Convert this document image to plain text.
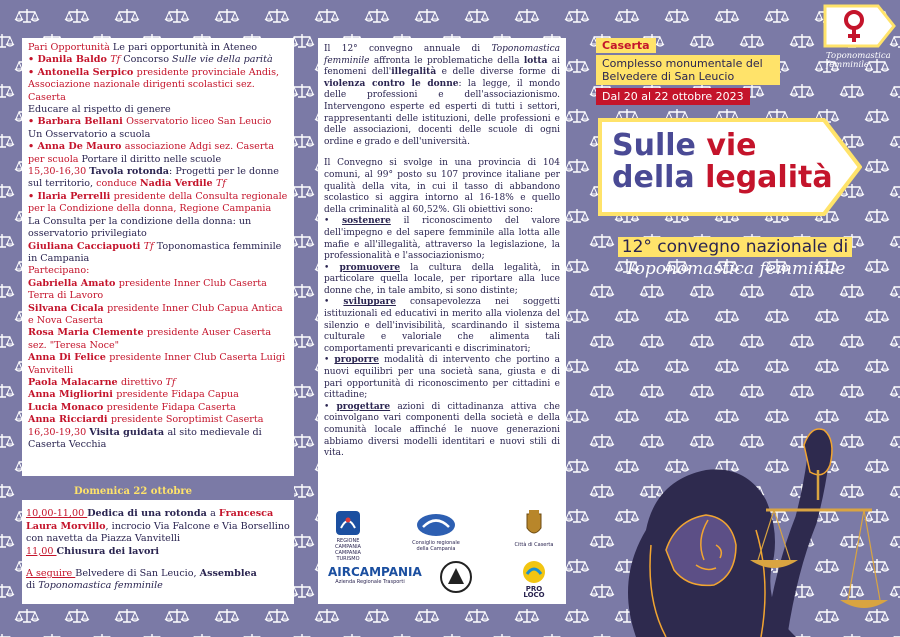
Pari Opportunità Le pari opportunità in Ateneo
• Danila Baldo Tf Concorso Sulle vie della parità
• Antonella Serpico presidente provinciale Andis, Associazione nazionale dirigenti scolastici sez. Caserta
Educare al rispetto di genere
• Barbara Bellani Osservatorio liceo San Leucio
Un Osservatorio a scuola
• Anna De Mauro associazione Adgi sez. Caserta per scuola Portare il diritto nelle scuole
15,30-16,30 Tavola rotonda: Progetti per le donne sul territorio, conduce Nadia Verdile Tf
• Ilaria Perrelli presidente della Consulta regionale per la Condizione della donna, Regione Campania
La Consulta per la condizione della donna: un osservatorio privilegiato
Giuliana Cacciapuoti Tf Toponomastica femminile in Campania
Partecipano:
Gabriella Amato presidente Inner Club Caserta Terra di Lavoro
Silvana Cicala presidente Inner Club Capua Antica e Nova Caserta
Rosa Maria Clemente presidente Auser Caserta sez. "Teresa Noce"
Anna Di Felice presidente Inner Club Caserta Luigi Vanvitelli
Paola Malacarne direttivo Tf
Anna Migliorini presidente Fidapa Capua
Lucia Monaco presidente Fidapa Caserta
Anna Ricciardi presidente Soroptimist Caserta
16,30-19,30 Visita guidata al sito medievale di Caserta Vecchia
Domenica 22 ottobre
10,00-11,00 Dedica di una rotonda a Francesca Laura Morvillo, incrocio Via Falcone e Via Borsellino con navetta da Piazza Vanvitelli
11,00 Chiusura dei lavori
A seguire Belvedere di San Leucio, Assemblea
di Toponomastica femminile

Il 12° convegno annuale di Toponomastica femminile affronta le problematiche della lotta ai fenomeni dell'illegalità e delle diverse forme di violenza contro le donne: la legge, il mondo delle professioni e dell'associazionismo. Intervengono esperte ed esperti di tutti i settori, rappresentanti delle istituzioni, delle professioni e delle associazioni, docenti delle scuole di ogni ordine e grado e dell'università.

Il Convegno si svolge in una provincia di 104 comuni, al 99° posto su 107 province italiane per qualità della vita, in cui il tasso di abbandono scolastico si aggira intorno al 16-18% e quello della criminalità al 60,52%. Gli obiettivi sono:

• sostenere il riconoscimento del valore dell'impegno e del sapere femminile alla lotta alle mafie e all'illegalità, attraverso la legislazione, la professionalità e l'associazionismo;
• promuovere la cultura della legalità, in particolare quella locale, per riportare alla luce donne che, in tale ambito, si sono distinte;
• sviluppare consapevolezza nei soggetti istituzionali ed educativi in merito alla violenza del silenzio e dell'invisibilità, scardinando il sistema culturale e valoriale che alimenta tali comportamenti prevaricanti e discriminatori;
• proporre modalità di intervento che portino a nuovi equilibri per una società sana, giusta e di pari opportunità di riconoscimento per cittadini e cittadine;
• progettare azioni di cittadinanza attiva che coinvolgano vari componenti della società e della comunità locale affinché le nuove generazioni abbiamo diversi modelli identitari e nuovi stili di vita.
REGIONE CAMPANIA
CAMPANIA TURISMO
Consiglio regionale
della Campania
Città di Caserta
AIRCAMPANIA
Azienda Regionale Trasporti
PRO LOCO
Toponomastica
femminile
Caserta
Complesso monumentale del Belvedere di San Leucio
Dal 20 al 22 ottobre 2023
Sulle vie
della legalità
12° convegno nazionale di
Toponomastica femminile
